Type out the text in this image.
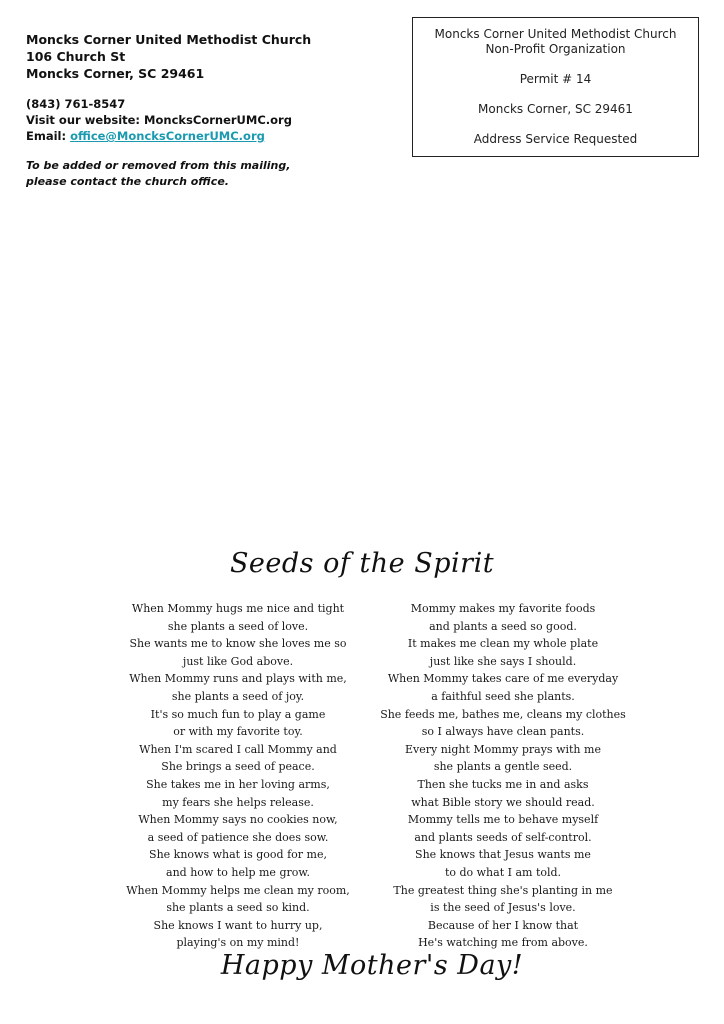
Moncks Corner United Methodist Church
106 Church St
Moncks Corner, SC 29461
(843) 761-8547
Visit our website: MoncksCornerUMC.org
Email: office@MoncksCornerUMC.org
To be added or removed from this mailing,
please contact the church office.
Moncks Corner United Methodist Church
Non-Profit Organization
Permit # 14
Moncks Corner, SC 29461
Address Service Requested
Seeds of the Spirit
When Mommy hugs me nice and tight
she plants a seed of love.
She wants me to know she loves me so
just like God above.
When Mommy runs and plays with me,
she plants a seed of joy.
It's so much fun to play a game
or with my favorite toy.
When I'm scared I call Mommy and
She brings a seed of peace.
She takes me in her loving arms,
my fears she helps release.
When Mommy says no cookies now,
a seed of patience she does sow.
She knows what is good for me,
and how to help me grow.
When Mommy helps me clean my room,
she plants a seed so kind.
She knows I want to hurry up,
playing's on my mind!
Mommy makes my favorite foods
and plants a seed so good.
It makes me clean my whole plate
just like she says I should.
When Mommy takes care of me everyday
a faithful seed she plants.
She feeds me, bathes me, cleans my clothes
so I always have clean pants.
Every night Mommy prays with me
she plants a gentle seed.
Then she tucks me in and asks
what Bible story we should read.
Mommy tells me to behave myself
and plants seeds of self-control.
She knows that Jesus wants me
to do what I am told.
The greatest thing she's planting in me
is the seed of Jesus's love.
Because of her I know that
He's watching me from above.
Happy Mother's Day!
